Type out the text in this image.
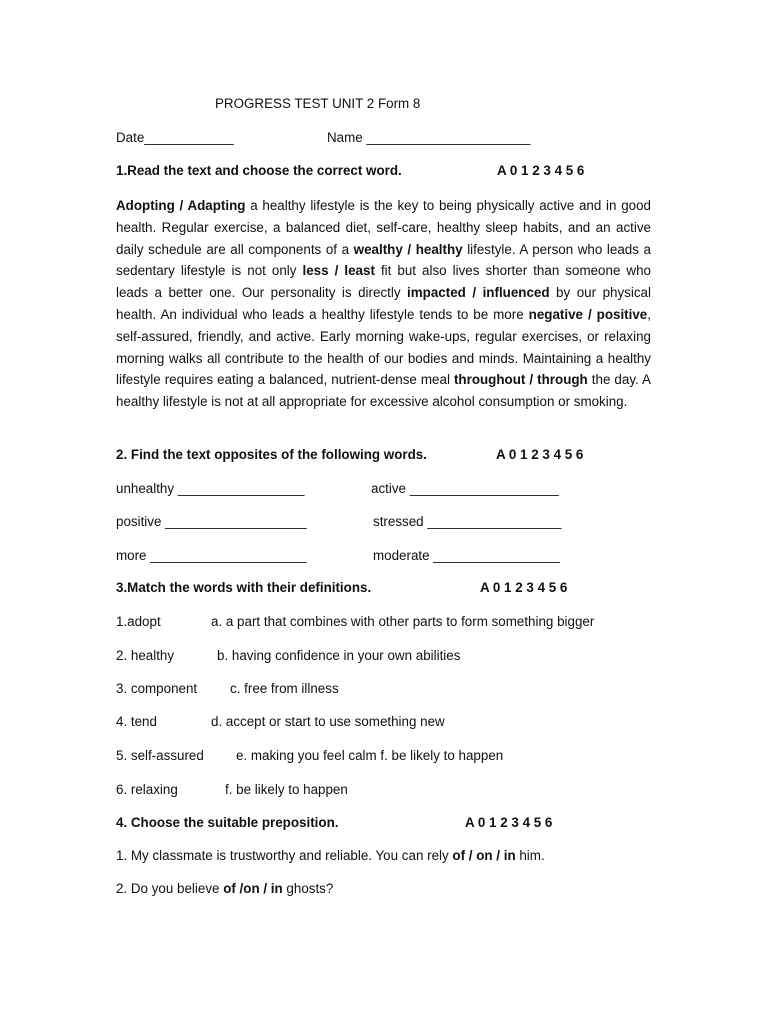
PROGRESS TEST UNIT 2 Form 8
Date____________	Name ______________________
1.Read the text and choose the correct word.	A 0 1 2 3 4 5 6
Adopting / Adapting a healthy lifestyle is the key to being physically active and in good health. Regular exercise, a balanced diet, self-care, healthy sleep habits, and an active daily schedule are all components of a wealthy / healthy lifestyle. A person who leads a sedentary lifestyle is not only less / least fit but also lives shorter than someone who leads a better one. Our personality is directly impacted / influenced by our physical health. An individual who leads a healthy lifestyle tends to be more negative / positive, self-assured, friendly, and active. Early morning wake-ups, regular exercises, or relaxing morning walks all contribute to the health of our bodies and minds. Maintaining a healthy lifestyle requires eating a balanced, nutrient-dense meal throughout / through the day. A healthy lifestyle is not at all appropriate for excessive alcohol consumption or smoking.
2. Find the text opposites of the following words.	A 0 1 2 3 4 5 6
unhealthy _________________	active ____________________
positive ___________________	stressed __________________
more _____________________	moderate _________________
3.Match the words with their definitions.	A 0 1 2 3 4 5 6
1.adopt	a. a part that combines with other parts to form something bigger
2. healthy	b. having confidence in your own abilities
3. component c. free from illness
4. tend	d. accept or start to use something new
5. self-assured e. making you feel calm f. be likely to happen
6. relaxing	f. be likely to happen
4. Choose the suitable preposition.	A 0 1 2 3 4 5 6
1. My classmate is trustworthy and reliable. You can rely of / on / in him.
2. Do you believe of /on / in ghosts?
